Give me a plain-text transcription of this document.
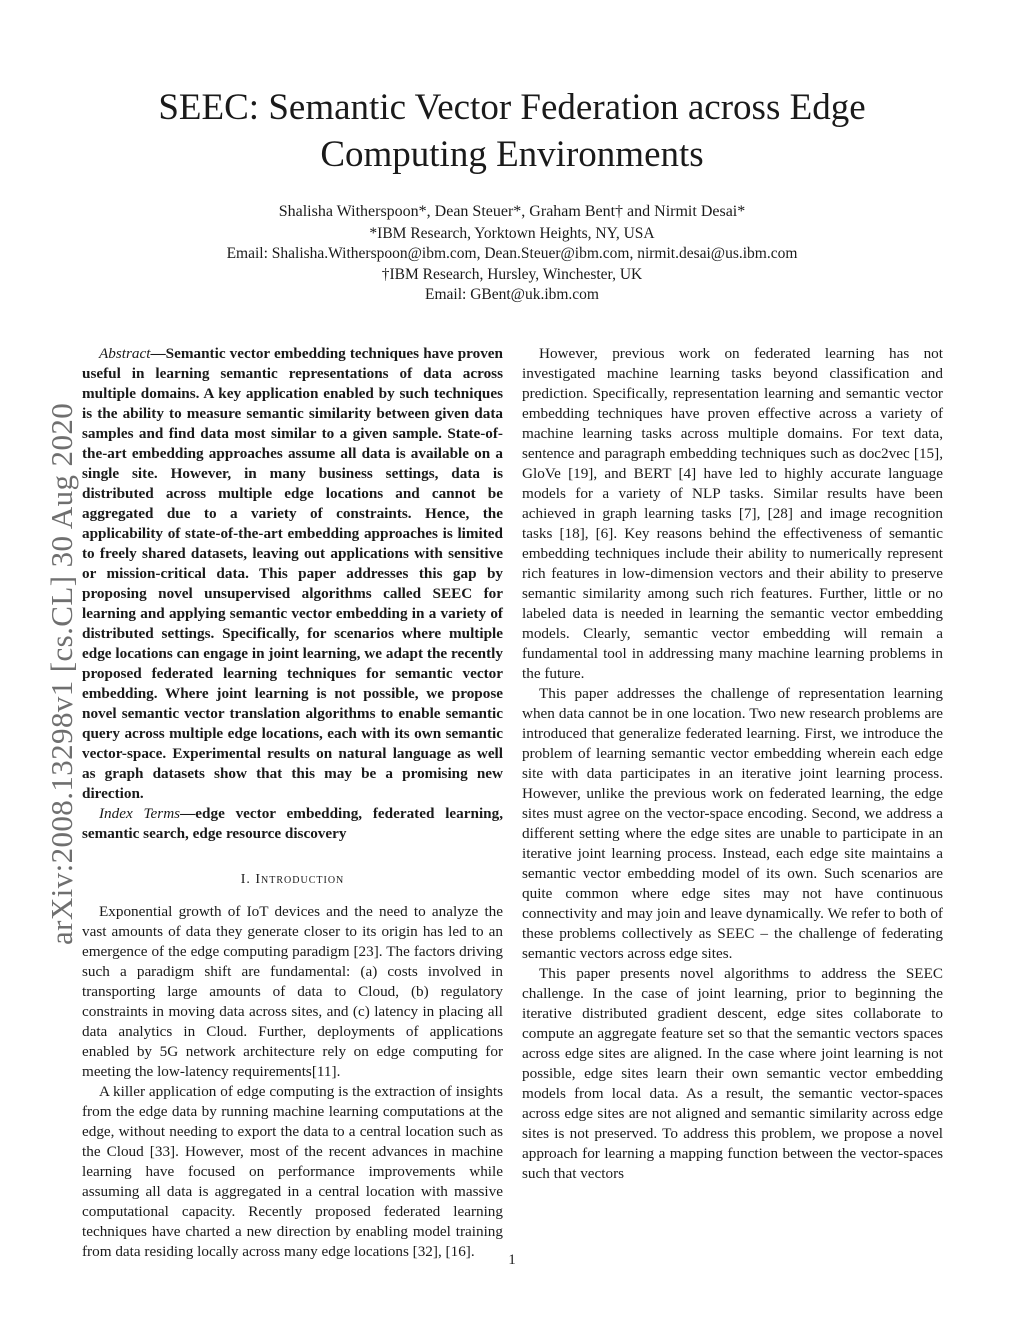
arXiv:2008.13298v1 [cs.CL] 30 Aug 2020
SEEC: Semantic Vector Federation across Edge Computing Environments
Shalisha Witherspoon*, Dean Steuer*, Graham Bent† and Nirmit Desai*
*IBM Research, Yorktown Heights, NY, USA
Email: Shalisha.Witherspoon@ibm.com, Dean.Steuer@ibm.com, nirmit.desai@us.ibm.com
†IBM Research, Hursley, Winchester, UK
Email: GBent@uk.ibm.com

Abstract—Semantic vector embedding techniques have proven useful in learning semantic representations of data across multiple domains. A key application enabled by such techniques is the ability to measure semantic similarity between given data samples and find data most similar to a given sample. State-of-the-art embedding approaches assume all data is available on a single site. However, in many business settings, data is distributed across multiple edge locations and cannot be aggregated due to a variety of constraints. Hence, the applicability of state-of-the-art embedding approaches is limited to freely shared datasets, leaving out applications with sensitive or mission-critical data. This paper addresses this gap by proposing novel unsupervised algorithms called SEEC for learning and applying semantic vector embedding in a variety of distributed settings. Specifically, for scenarios where multiple edge locations can engage in joint learning, we adapt the recently proposed federated learning techniques for semantic vector embedding. Where joint learning is not possible, we propose novel semantic vector translation algorithms to enable semantic query across multiple edge locations, each with its own semantic vector-space. Experimental results on natural language as well as graph datasets show that this may be a promising new direction.

Index Terms—edge vector embedding, federated learning, semantic search, edge resource discovery

I. Introduction

Exponential growth of IoT devices and the need to analyze the vast amounts of data they generate closer to its origin has led to an emergence of the edge computing paradigm [23]. The factors driving such a paradigm shift are fundamental: (a) costs involved in transporting large amounts of data to Cloud, (b) regulatory constraints in moving data across sites, and (c) latency in placing all data analytics in Cloud. Further, deployments of applications enabled by 5G network architecture rely on edge computing for meeting the low-latency requirements[11].

A killer application of edge computing is the extraction of insights from the edge data by running machine learning computations at the edge, without needing to export the data to a central location such as the Cloud [33]. However, most of the recent advances in machine learning have focused on performance improvements while assuming all data is aggregated in a central location with massive computational capacity. Recently proposed federated learning techniques have charted a new direction by enabling model training from data residing locally across many edge locations [32], [16].

However, previous work on federated learning has not investigated machine learning tasks beyond classification and prediction. Specifically, representation learning and semantic vector embedding techniques have proven effective across a variety of machine learning tasks across multiple domains. For text data, sentence and paragraph embedding techniques such as doc2vec [15], GloVe [19], and BERT [4] have led to highly accurate language models for a variety of NLP tasks. Similar results have been achieved in graph learning tasks [7], [28] and image recognition tasks [18], [6]. Key reasons behind the effectiveness of semantic embedding techniques include their ability to numerically represent rich features in low-dimension vectors and their ability to preserve semantic similarity among such rich features. Further, little or no labeled data is needed in learning the semantic vector embedding models. Clearly, semantic vector embedding will remain a fundamental tool in addressing many machine learning problems in the future.

This paper addresses the challenge of representation learning when data cannot be in one location. Two new research problems are introduced that generalize federated learning. First, we introduce the problem of learning semantic vector embedding wherein each edge site with data participates in an iterative joint learning process. However, unlike the previous work on federated learning, the edge sites must agree on the vector-space encoding. Second, we address a different setting where the edge sites are unable to participate in an iterative joint learning process. Instead, each edge site maintains a semantic vector embedding model of its own. Such scenarios are quite common where edge sites may not have continuous connectivity and may join and leave dynamically. We refer to both of these problems collectively as SEEC – the challenge of federating semantic vectors across edge sites.

This paper presents novel algorithms to address the SEEC challenge. In the case of joint learning, prior to beginning the iterative distributed gradient descent, edge sites collaborate to compute an aggregate feature set so that the semantic vectors spaces across edge sites are aligned. In the case where joint learning is not possible, edge sites learn their own semantic vector embedding models from local data. As a result, the semantic vector-spaces across edge sites are not aligned and semantic similarity across edge sites is not preserved. To address this problem, we propose a novel approach for learning a mapping function between the vector-spaces such that vectors

1
